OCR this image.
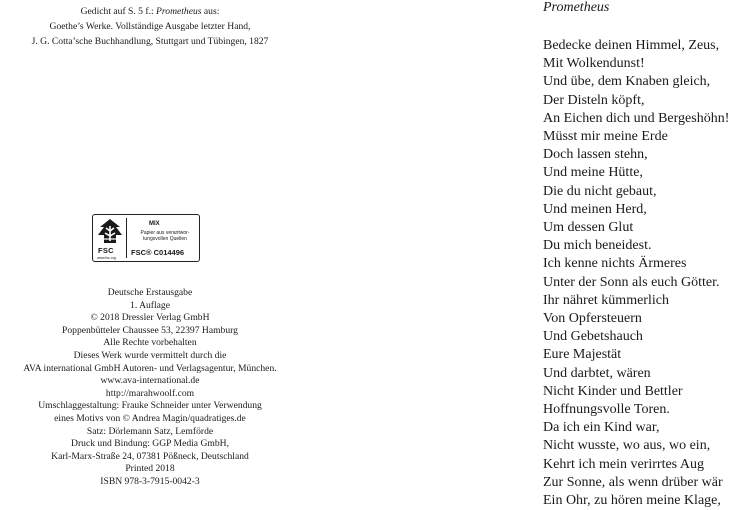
Gedicht auf S. 5 f.: Prometheus aus:
Goethe’s Werke. Vollständige Ausgabe letzter Hand,
J. G. Cotta’sche Buchhandlung, Stuttgart und Tübingen, 1827
FSC
www.fsc.org
MIX
Papier aus verantwor-
tungsvollen Quellen
FSC® C014496
Deutsche Erstausgabe
1. Auflage
© 2018 Dressler Verlag GmbH
Poppenbütteler Chaussee 53, 22397 Hamburg
Alle Rechte vorbehalten
Dieses Werk wurde vermittelt durch die
AVA international GmbH Autoren- und Verlagsagentur, München.
www.ava-international.de
http://marahwoolf.com
Umschlaggestaltung: Frauke Schneider unter Verwendung
eines Motivs von © Andrea Magin/quadratiges.de
Satz: Dörlemann Satz, Lemförde
Druck und Bindung: GGP Media GmbH,
Karl-Marx-Straße 24, 07381 Pößneck, Deutschland
Printed 2018
ISBN 978-3-7915-0042-3
Prometheus
Bedecke deinen Himmel, Zeus,
Mit Wolkendunst!
Und übe, dem Knaben gleich,
Der Disteln köpft,
An Eichen dich und Bergeshöhn!
Müsst mir meine Erde
Doch lassen stehn,
Und meine Hütte,
Die du nicht gebaut,
Und meinen Herd,
Um dessen Glut
Du mich beneidest.
Ich kenne nichts Ärmeres
Unter der Sonn als euch Götter.
Ihr nähret kümmerlich
Von Opfersteuern
Und Gebetshauch
Eure Majestät
Und darbtet, wären
Nicht Kinder und Bettler
Hoffnungsvolle Toren.
Da ich ein Kind war,
Nicht wusste, wo aus, wo ein,
Kehrt ich mein verirrtes Aug
Zur Sonne, als wenn drüber wär
Ein Ohr, zu hören meine Klage,
